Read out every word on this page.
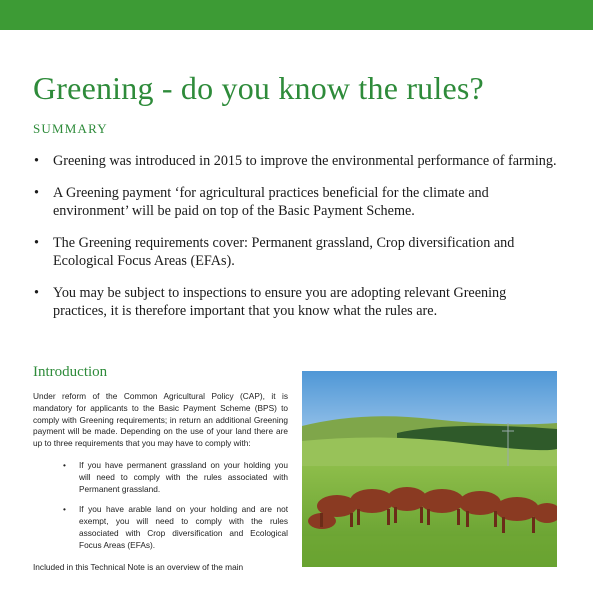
Greening - do you know the rules?
SUMMARY
• Greening was introduced in 2015 to improve the environmental performance of farming.
• A Greening payment ‘for agricultural practices beneficial for the climate and environment’ will be paid on top of the Basic Payment Scheme.
• The Greening requirements cover: Permanent grassland, Crop diversification and Ecological Focus Areas (EFAs).
• You may be subject to inspections to ensure you are adopting relevant Greening practices, it is therefore important that you know what the rules are.
Introduction

Under reform of the Common Agricultural Policy (CAP), it is mandatory for applicants to the Basic Payment Scheme (BPS) to comply with Greening requirements; in return an additional Greening payment will be made. Depending on the use of your land there are up to three requirements that you may have to comply with:

• If you have permanent grassland on your holding you will need to comply with the rules associated with Permanent grassland.
• If you have arable land on your holding and are not exempt, you will need to comply with the rules associated with Crop diversification and Ecological Focus Areas (EFAs).

Included in this Technical Note is an overview of the main
